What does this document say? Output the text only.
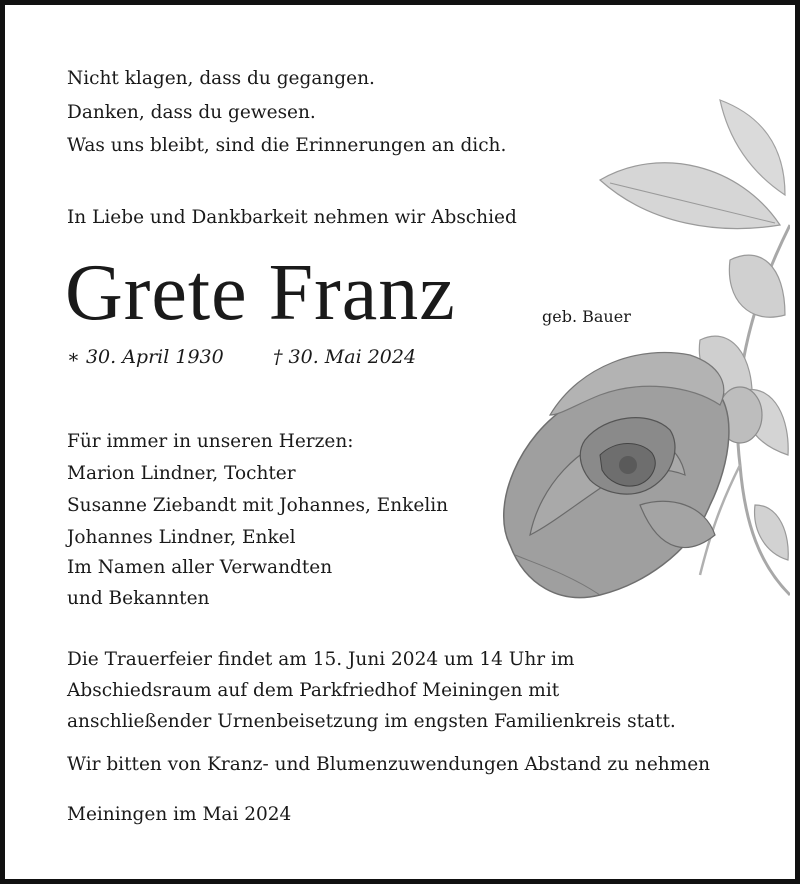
Nicht klagen, dass du gegangen.
Danken, dass du gewesen.
Was uns bleibt, sind die Erinnerungen an dich.
In Liebe und Dankbarkeit nehmen wir Abschied
Grete Franz	geb. Bauer
∗ 30. April 1930	† 30. Mai 2024
Für immer in unseren Herzen:
Marion Lindner, Tochter
Susanne Ziebandt mit Johannes, Enkelin
Johannes Lindner, Enkel
Im Namen aller Verwandten
und Bekannten
Die Trauerfeier findet am 15. Juni 2024 um 14 Uhr im
Abschiedsraum auf dem Parkfriedhof Meiningen mit
anschließender Urnenbeisetzung im engsten Familienkreis statt.
Wir bitten von Kranz- und Blumenzuwendungen Abstand zu nehmen
Meiningen im Mai 2024
